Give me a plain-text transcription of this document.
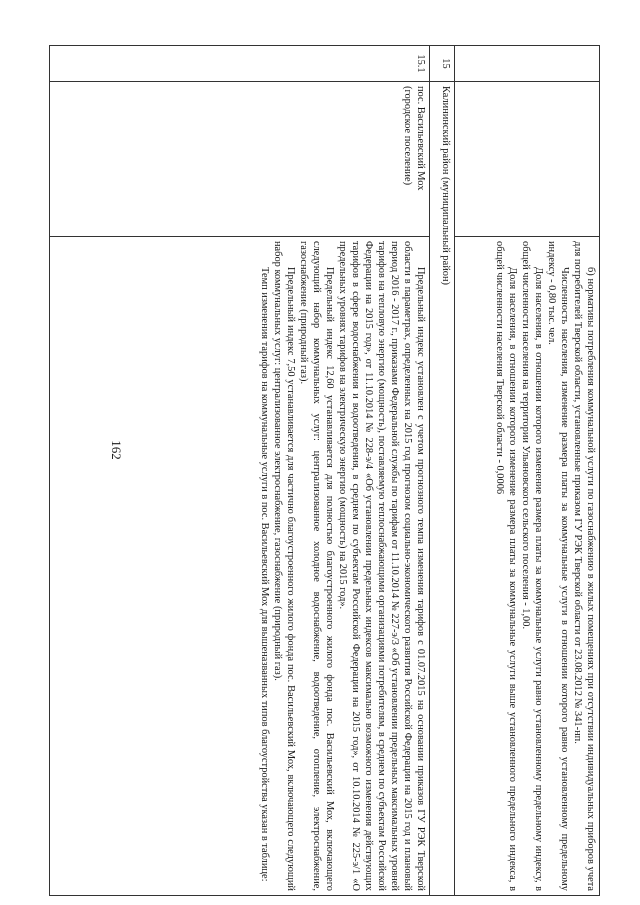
162

		б) нормативы потребления коммунальной услуги по газоснабжению в жилых помещениях при отсутствии индивидуальных приборов учета для потребителей Тверской области, установленные приказом ГУ РЭК Тверской области от 23.08.2012 № 341-нп.

Численность населения, изменение размера платы за коммунальные услуги в отношении которого равно установленному предельному индексу - 0,80 тыс. чел.

Доля населения, в отношении которого изменение размера платы за коммунальные услуги равно установленному предельному индексу, в общей численности населения на территории Ульяновского сельского поселения - 1,00.

Доля населения, в отношении которого изменение размера платы за коммунальные услуги выше установленного предельного индекса, в общей численности населения Тверской области - 0,0006

15	Калининский район (муниципальный район)	
15.1	пос. Васильевский Мох (городское поселение)	Предельный индекс установлен с учетом прогнозного темпа изменения тарифов с 01.07.2015 на основании приказов ГУ РЭК Тверской области в параметрах, определенных на 2015 год прогнозом социально-экономического развития Российской Федерации на 2015 год и плановый период 2016 - 2017 г., приказами Федеральной службы по тарифам от 11.10.2014 № 227-э/3 «Об установлении предельных максимальных уровней тарифов на тепловую энергию (мощность), поставляемую теплоснабжающими организациями потребителям, в среднем по субъектам Российской Федерации на 2015 год», от 11.10.2014 № 228-э/4 «Об установлении предельных индексов максимально возможного изменения действующих тарифов в сфере водоснабжения и водоотведения, в среднем по субъектам Российской Федерации на 2015 год», от 10.10.2014 № 225-э/1 «О предельных уровнях тарифов на электрическую энергию (мощность) на 2015 год».

Предельный индекс 12,60 устанавливается для полностью благоустроенного жилого фонда пос. Васильевский Мох, включающего следующий набор коммунальных услуг: централизованное холодное водоснабжение, водоотведение, отопление, электроснабжение, газоснабжение (природный газ).

Предельный индекс 7,50 устанавливается для частично благоустроенного жилого фонда пос. Васильевский Мох, включающего следующий набор коммунальных услуг: централизованное электроснабжение, газоснабжение (природный газ).

Темп изменения тарифов на коммунальные услуги в пос. Васильевский Мох для вышеназванных типов благоустройства указан в таблице:
